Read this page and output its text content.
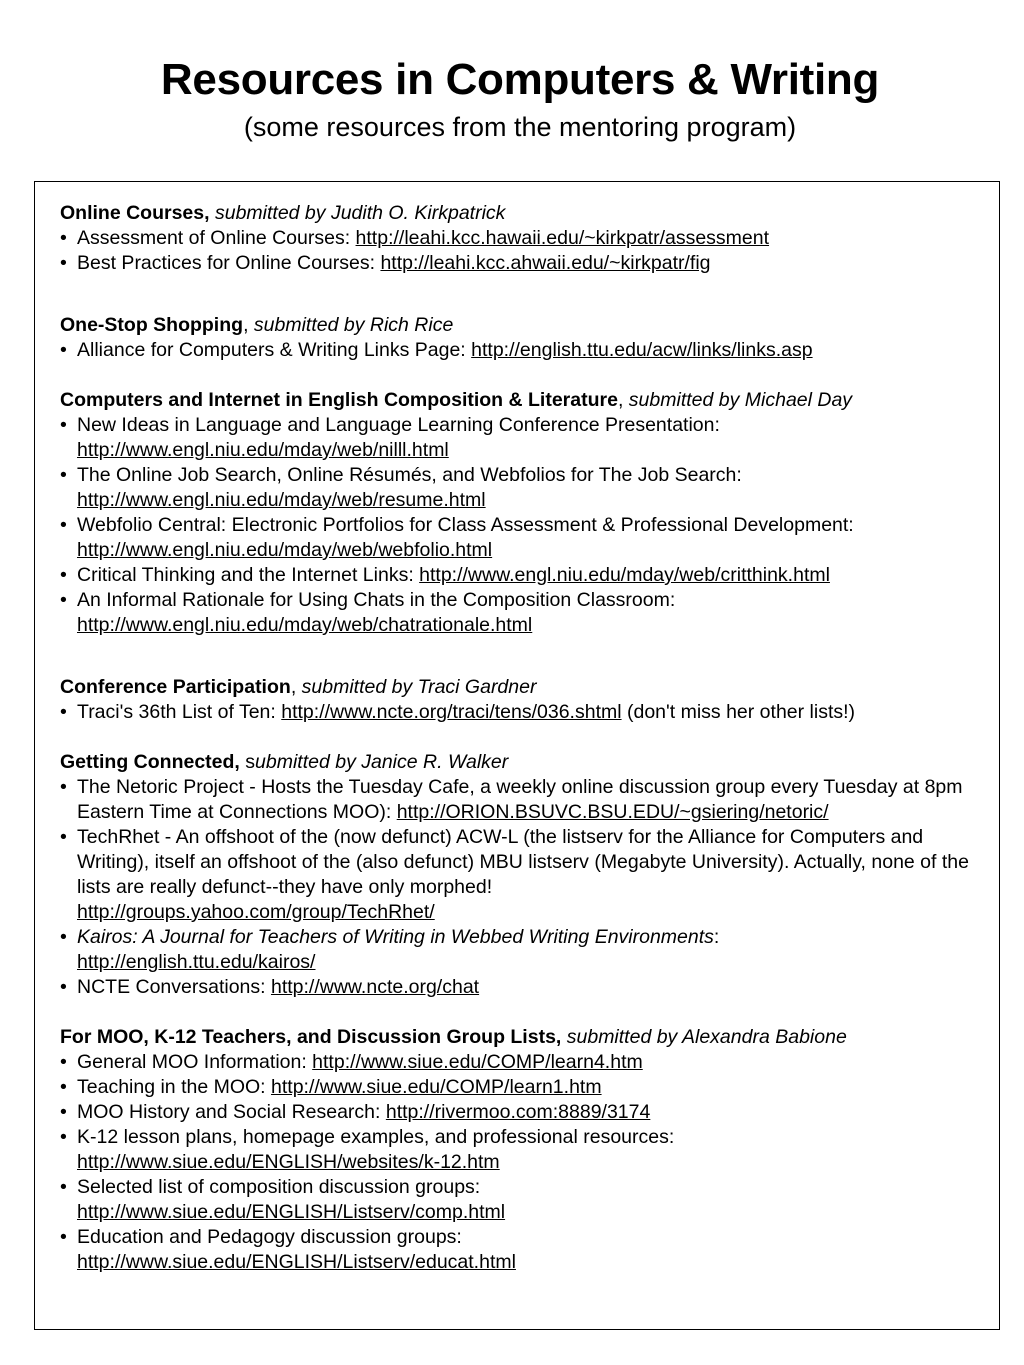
Resources in Computers & Writing
(some resources from the mentoring program)

Online Courses, submitted by Judith O. Kirkpatrick

• Assessment of Online Courses: http://leahi.kcc.hawaii.edu/~kirkpatr/assessment
• Best Practices for Online Courses: http://leahi.kcc.ahwaii.edu/~kirkpatr/fig

One-Stop Shopping, submitted by Rich Rice

• Alliance for Computers & Writing Links Page: http://english.ttu.edu/acw/links/links.asp

Computers and Internet in English Composition & Literature, submitted by Michael Day

• New Ideas in Language and Language Learning Conference Presentation:
http://www.engl.niu.edu/mday/web/nilll.html
• The Online Job Search, Online Résumés, and Webfolios for The Job Search:
http://www.engl.niu.edu/mday/web/resume.html
• Webfolio Central: Electronic Portfolios for Class Assessment & Professional Development:
http://www.engl.niu.edu/mday/web/webfolio.html
• Critical Thinking and the Internet Links: http://www.engl.niu.edu/mday/web/critthink.html
• An Informal Rationale for Using Chats in the Composition Classroom:
http://www.engl.niu.edu/mday/web/chatrationale.html

Conference Participation, submitted by Traci Gardner

• Traci's 36th List of Ten: http://www.ncte.org/traci/tens/036.shtml (don't miss her other lists!)

Getting Connected, submitted by Janice R. Walker

• The Netoric Project - Hosts the Tuesday Cafe, a weekly online discussion group every Tuesday at 8pm Eastern Time at Connections MOO): http://ORION.BSUVC.BSU.EDU/~gsiering/netoric/
• TechRhet - An offshoot of the (now defunct) ACW-L (the listserv for the Alliance for Computers and Writing), itself an offshoot of the (also defunct) MBU listserv (Megabyte University). Actually, none of the lists are really defunct--they have only morphed!
http://groups.yahoo.com/group/TechRhet/
• Kairos: A Journal for Teachers of Writing in Webbed Writing Environments:
http://english.ttu.edu/kairos/
• NCTE Conversations: http://www.ncte.org/chat

For MOO, K-12 Teachers, and Discussion Group Lists, submitted by Alexandra Babione

• General MOO Information: http://www.siue.edu/COMP/learn4.htm
• Teaching in the MOO: http://www.siue.edu/COMP/learn1.htm
• MOO History and Social Research: http://rivermoo.com:8889/3174
• K-12 lesson plans, homepage examples, and professional resources:
http://www.siue.edu/ENGLISH/websites/k-12.htm
• Selected list of composition discussion groups:
http://www.siue.edu/ENGLISH/Listserv/comp.html
• Education and Pedagogy discussion groups:
http://www.siue.edu/ENGLISH/Listserv/educat.html
